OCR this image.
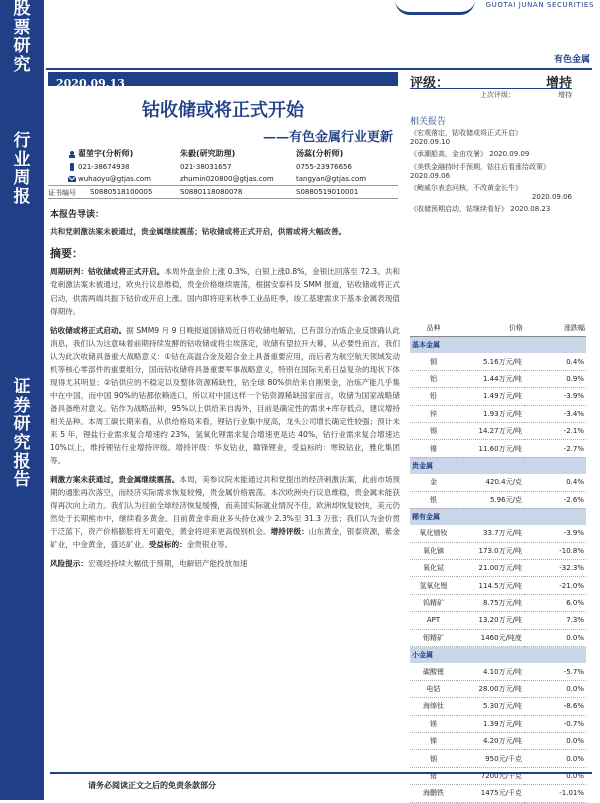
股
票
研
究
行
业
周
报
证
券
研
究
报
告
GUOTAI JUNAN SECURITIES
有色金属
2020.09.13
钴收储或将正式开始
——有色金属行业更新
翟堃宇(分析师)
021-38674938
wuhaoyu@gtjas.com
朱毅(研究助理)
021-38031657
zhumin020800@gtjas.com
汤蕊(分析师)
0755-23976656
tangyan@gtjas.com
证书编号 S0880518100005	S0880118080078	S0880519010001
评级：	增持
上次评级：	增持
相关报告
《宏观落定，钴收储或将正式开启》
2020.09.10
《承潮船高，金由攻暑》 2020.09.09
《美铁金融持时手预期，钴往后看涨给政策》
2020.09.06
《鲍威尔表态问核，不改黄金长牛》
2020.09.06
《收储预期启动，钴继续看好》 2020.08.23
品种	价格	涨跌幅
基本金属		
铜	5.16万元/吨	0.4%
铝	1.44万元/吨	0.9%
铅	1.49万元/吨	-3.9%
锌	1.93万元/吨	-3.4%
锡	14.27万元/吨	-2.1%
镍	11.60万元/吨	-2.7%
贵金属		
金	420.4元/克	0.4%
银	5.96元/克	-2.6%
稀有金属		
氧化镨钕	33.7万元/吨	-3.9%
氧化镝	173.0万元/吨	-10.8%
氧化铽	21.00万元/吨	-32.3%
氢氧化锂	114.5万元/吨	-21.0%
钨精矿	8.75万元/吨	6.0%
APT	13.20万元/吨	7.3%
钼精矿	1460元/吨度	0.0%
小金属		
碳酸锂	4.10万元/吨	-5.7%
电钴	28.00万元/吨	0.0%
海绵钛	5.30万元/吨	-8.6%
镁	1.39万元/吨	-0.7%
锑	4.20万元/吨	0.0%
铟	950元/千克	0.0%
锗	7200元/千克	0.0%
海鹏铁	1475元/千克	-1.01%

本报告导读：

共和党刺激法案未被通过，贵金属继续震荡；钴收储或将正式开启，供需或将大幅改善。

摘要：

周期研判：钴收储或将正式开启。本周外盘金价上涨 0.3%，白银上涨0.8%，金银比回落至 72.3。共和党刺激法案未被通过，欧央行议息维稳，贵金价格继续震荡，根据安泰科及 SMM 报道，钴收储或将正式启动，供需两端共振下钴价或开启上涨。国内即将迎来秋季工业品旺季，竣工基建需求下基本金属表现值得期待。

钴收储或将正式启动。据 SMM9 月 9 日晚报道国储局近日将收储电解钴，已有部分冶炼企业反馈确认此消息，我们认为这意味着前期持续发酵的钴收储或将尘埃落定，收储有望拉开大幕，从必要性而言，我们认为此次收储具备重大战略意义：①钴在高温合金及超合金上具备重要应用，而后者为航空航天领域发动机等核心零部件的重要组分，国而钴收储将具备重要军事战略意义，特别在国际关系日益复杂的现状下体现得尤其明显；②钴供应的不稳定以及整体资源稀缺性，钴全球 80%供给来自刚果金，冶炼产能几乎集中在中国，而中国 90%的钴都依赖进口，所以对中国这样一个钴资源稀缺国家而言，收储为国家战略储备具备绝对意义。钴作为战略品种，95%以上供给来自海外，目前是确定性的需求+库存低点，建议增持相关品种。本周工碳长期来看，从供给格局来看，锂钴行业集中度高，龙头公司增长确定性较强；预计未来 5 年，锂盐行业需求复合增速约 23%，氢氧化锂需求复合增速更是达 40%，钴行业需求复合增速达 10%以上，维持锂钴行业增持评级。增持评级：华友钴业，赣锋锂业，受益标的：寒锐钴业，雅化集团等。

刺激方案未获通过，贵金属继续震荡。本周，美参议院未能通过共和党提出的经济刺激法案，此前市场预期的通胀再次落空，而经济实际需求恢复较慢，贵金属价格震荡。本次欧洲央行议息维稳，贵金属未能获得再次向上动力。我们认为目前全球经济恢复缓慢，而美国实际就业情况不佳，欧洲却恢复较快，美元仍然处于长期熊市中，继续看多黄金。目前黄金非商业多头持仓减少 2.3%至 31.3 万张；我们认为金价贯干泛蓝下，资产价格膨胀将无可避免，黄金将迎来更高级别机会。增持评级：山东黄金，银泰资源，紫金矿业，中金黄金，盛达矿业。受益标的：金贵银业等。

风险提示：宏观经持续大幅低于预期，电解铝产能投放加速

请务必阅读正文之后的免责条款部分
